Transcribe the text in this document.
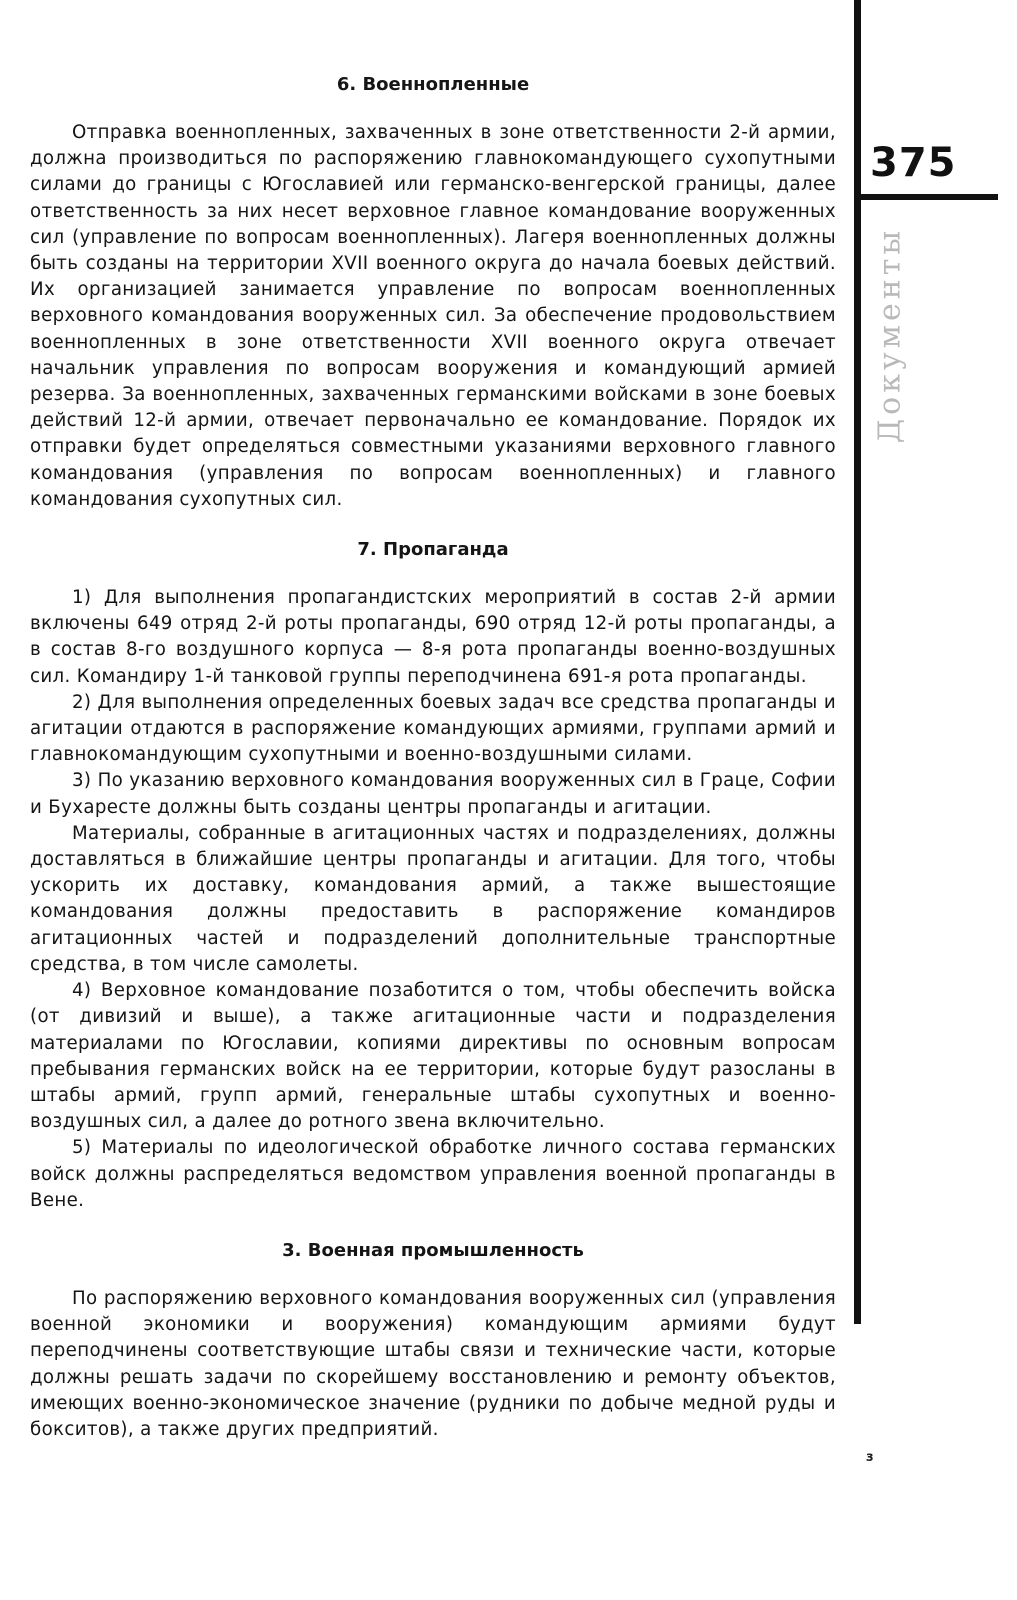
6. Военнопленные

Отправка военнопленных, захваченных в зоне ответственности 2-й армии, должна производиться по распоряжению главнокомандующего сухопутными силами до границы с Югославией или германско-венгерской границы, далее ответственность за них несет верховное главное командование вооруженных сил (управление по вопросам военнопленных). Лагеря военнопленных должны быть созданы на территории XVII военного округа до начала боевых действий. Их организацией занимается управление по вопросам военнопленных верховного командования вооруженных сил. За обеспечение продовольствием военнопленных в зоне ответственности XVII военного округа отвечает начальник управления по вопросам вооружения и командующий армией резерва. За военнопленных, захваченных германскими войсками в зоне боевых действий 12-й армии, отвечает первоначально ее командование. Порядок их отправки будет определяться совместными указаниями верховного главного командования (управления по вопросам военнопленных) и главного командования сухопутных сил.

7. Пропаганда

1) Для выполнения пропагандистских мероприятий в состав 2-й армии включены 649 отряд 2-й роты пропаганды, 690 отряд 12-й роты пропаганды, а в состав 8-го воздушного корпуса — 8-я рота пропаганды военно-воздушных сил. Командиру 1-й танковой группы переподчинена 691-я рота пропаганды.

2) Для выполнения определенных боевых задач все средства пропаганды и агитации отдаются в распоряжение командующих армиями, группами армий и главнокомандующим сухопутными и военно-воздушными силами.

3) По указанию верховного командования вооруженных сил в Граце, Софии и Бухаресте должны быть созданы центры пропаганды и агитации.

Материалы, собранные в агитационных частях и подразделениях, должны доставляться в ближайшие центры пропаганды и агитации. Для того, чтобы ускорить их доставку, командования армий, а также вышестоящие командования должны предоставить в распоряжение командиров агитационных частей и подразделений дополнительные транспортные средства, в том числе самолеты.

4) Верховное командование позаботится о том, чтобы обеспечить войска (от дивизий и выше), а также агитационные части и подразделения материалами по Югославии, копиями директивы по основным вопросам пребывания германских войск на ее территории, которые будут разосланы в штабы армий, групп армий, генеральные штабы сухопутных и военно-воздушных сил, а далее до ротного звена включительно.

5) Материалы по идеологической обработке личного состава германских войск должны распределяться ведомством управления военной пропаганды в Вене.

3. Военная промышленность

По распоряжению верховного командования вооруженных сил (управления военной экономики и вооружения) командующим армиями будут переподчинены соответствующие штабы связи и технические части, которые должны решать задачи по скорейшему восстановлению и ремонту объектов, имеющих военно-экономическое значение (рудники по добыче медной руды и бокситов), а также других предприятий.

375
Документы
з
